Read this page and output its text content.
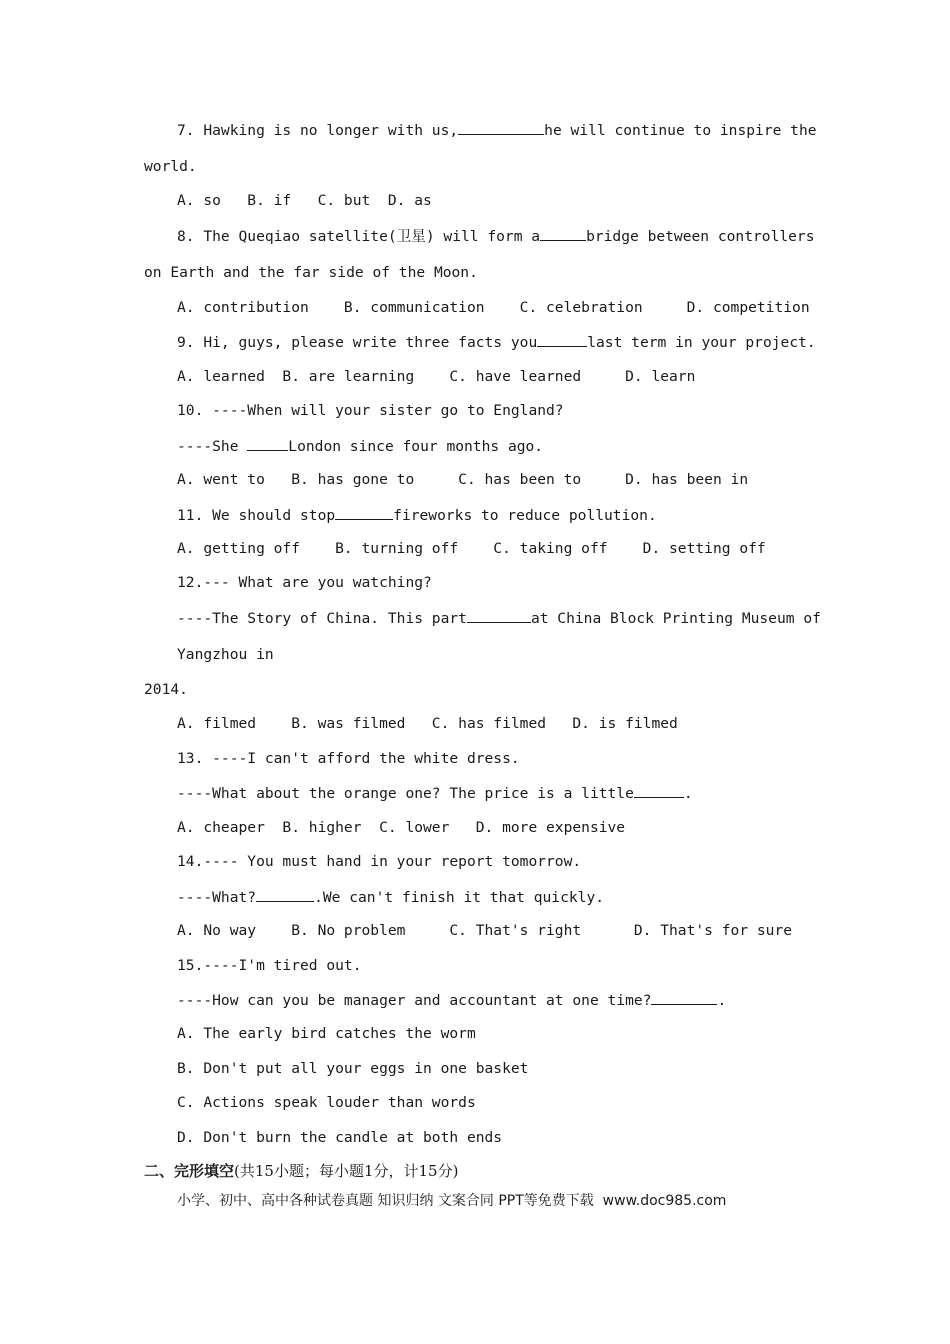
7. Hawking is no longer with us,	he will continue to inspire the
world.
A. so   B. if   C. but  D. as
8. The Queqiao satellite(卫星) will form a	bridge between controllers
on Earth and the far side of the Moon.
A. contribution    B. communication    C. celebration     D. competition
9. Hi, guys, please write three facts you	last term in your project.
A. learned  B. are learning    C. have learned     D. learn
10. ----When will your sister go to England?
----She	London since four months ago.
A. went to   B. has gone to     C. has been to     D. has been in
11. We should stop	fireworks to reduce pollution.
A. getting off    B. turning off    C. taking off    D. setting off
12.--- What are you watching?
----The Story of China. This part	at China Block Printing Museum of
Yangzhou in
2014.
A. filmed    B. was filmed   C. has filmed   D. is filmed
13. ----I can't afford the white dress.
----What about the orange one? The price is a little	.
A. cheaper  B. higher  C. lower   D. more expensive
14.---- You must hand in your report tomorrow.
----What?	.We can't finish it that quickly.
A. No way    B. No problem     C. That's right      D. That's for sure
15.----I'm tired out.
----How can you be manager and accountant at one time?	.
A. The early bird catches the worm
B. Don't put all your eggs in one basket
C. Actions speak louder than words
D. Don't burn the candle at both ends
二、完形填空(共15小题；每小题1分，计15分)
小学、初中、高中各种试卷真题 知识归纳 文案合同 PPT等免费下载  www.doc985.com
